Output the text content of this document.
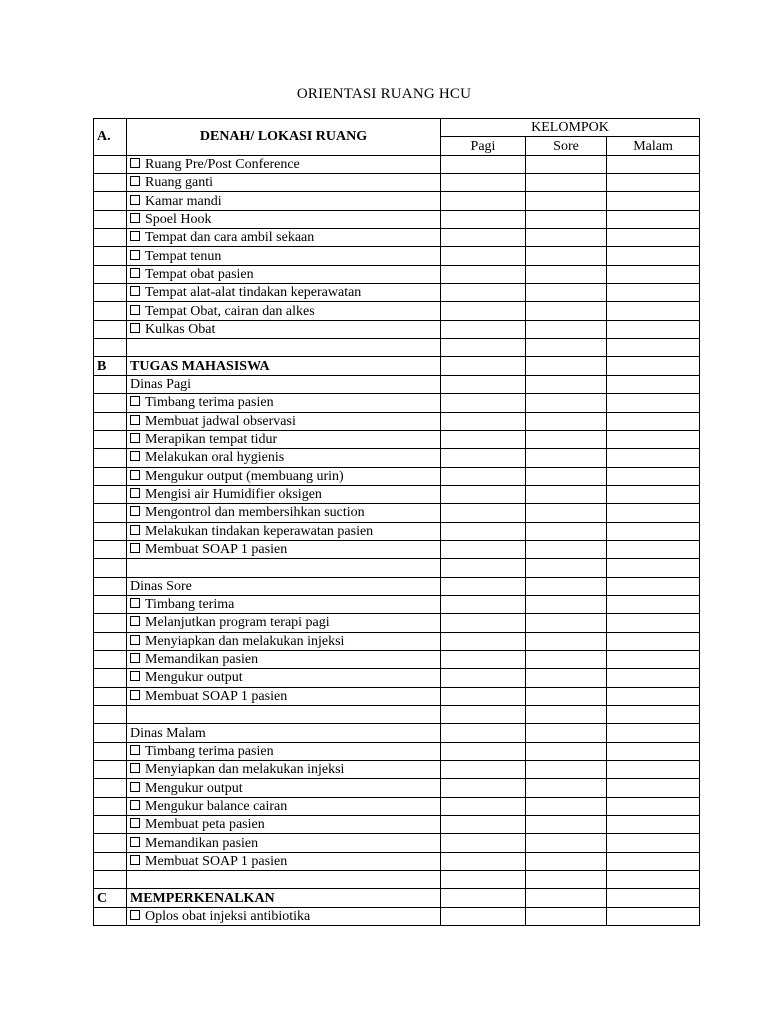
ORIENTASI RUANG HCU
A.	DENAH/ LOKASI RUANG	KELOMPOK		
		Pagi	Sore	Malam
	Ruang Pre/Post Conference			
	Ruang ganti			
	Kamar mandi			
	Spoel Hook			
	Tempat dan cara ambil sekaan			
	Tempat tenun			
	Tempat obat pasien			
	Tempat alat-alat tindakan keperawatan			
	Tempat Obat, cairan dan alkes			
	Kulkas Obat			

B	TUGAS MAHASISWA			
	Dinas Pagi			
	Timbang terima pasien			
	Membuat jadwal observasi			
	Merapikan tempat tidur			
	Melakukan oral hygienis			
	Mengukur output (membuang urin)			
	Mengisi air Humidifier oksigen			
	Mengontrol dan membersihkan suction			
	Melakukan tindakan keperawatan pasien			
	Membuat SOAP 1 pasien			

	Dinas Sore			
	Timbang terima			
	Melanjutkan program terapi pagi			
	Menyiapkan dan melakukan injeksi			
	Memandikan pasien			
	Mengukur output			
	Membuat SOAP 1 pasien			

	Dinas Malam			
	Timbang terima pasien			
	Menyiapkan dan melakukan injeksi			
	Mengukur output			
	Mengukur balance cairan			
	Membuat peta pasien			
	Memandikan pasien			
	Membuat SOAP 1 pasien			

C	MEMPERKENALKAN			
	Oplos obat injeksi antibiotika			
